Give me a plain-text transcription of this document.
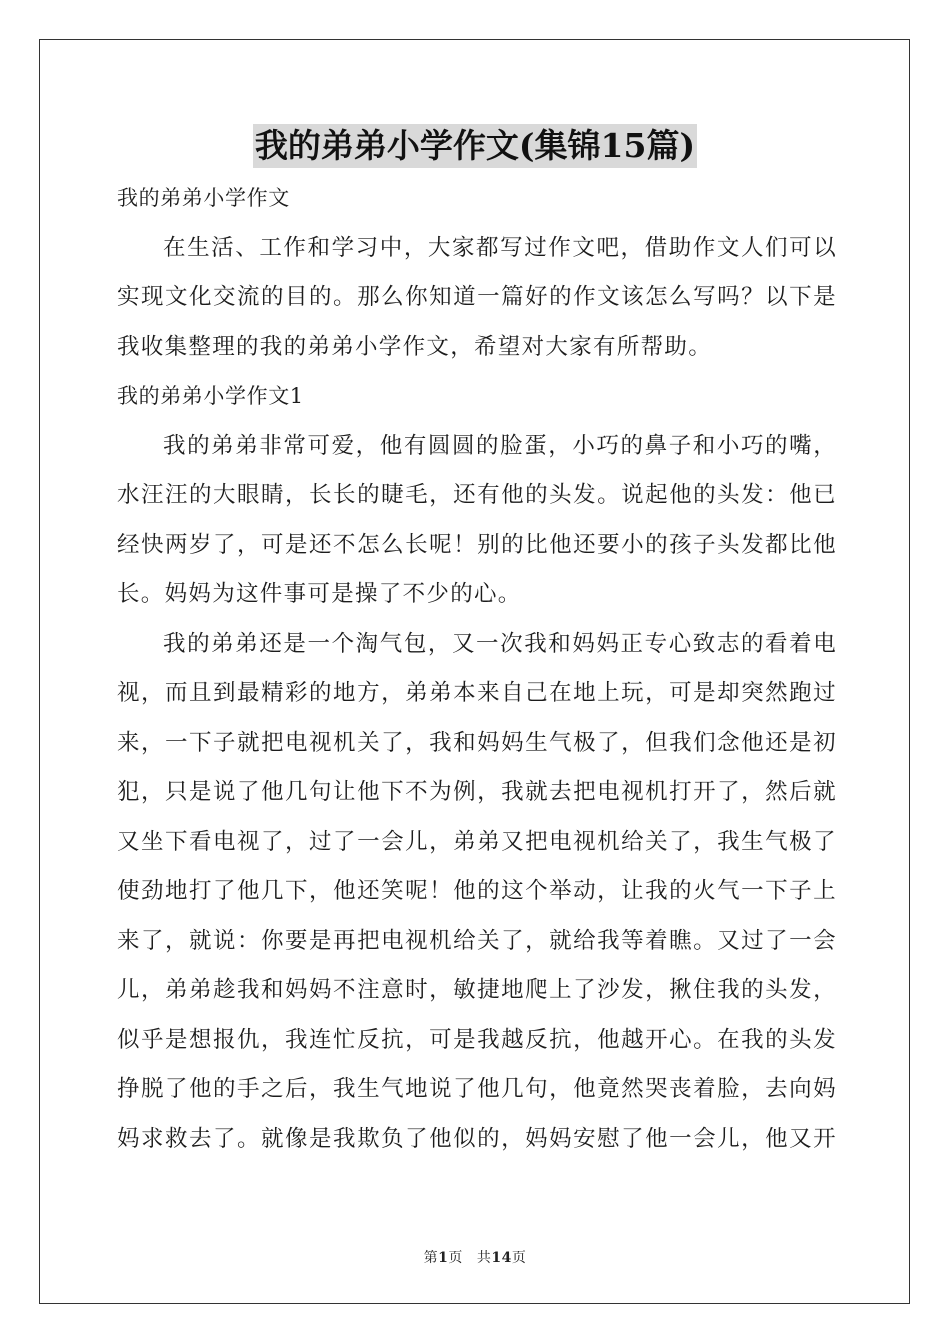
我的弟弟小学作文(集锦15篇)
我的弟弟小学作文
在生活、工作和学习中，大家都写过作文吧，借助作文人们可以
实现文化交流的目的。那么你知道一篇好的作文该怎么写吗？以下是
我收集整理的我的弟弟小学作文，希望对大家有所帮助。
我的弟弟小学作文1
我的弟弟非常可爱，他有圆圆的脸蛋，小巧的鼻子和小巧的嘴，
水汪汪的大眼睛，长长的睫毛，还有他的头发。说起他的头发：他已
经快两岁了，可是还不怎么长呢！别的比他还要小的孩子头发都比他
长。妈妈为这件事可是操了不少的心。
我的弟弟还是一个淘气包，又一次我和妈妈正专心致志的看着电
视，而且到最精彩的地方，弟弟本来自己在地上玩，可是却突然跑过
来，一下子就把电视机关了，我和妈妈生气极了，但我们念他还是初
犯，只是说了他几句让他下不为例，我就去把电视机打开了，然后就
又坐下看电视了，过了一会儿，弟弟又把电视机给关了，我生气极了
使劲地打了他几下，他还笑呢！他的这个举动，让我的火气一下子上
来了，就说：你要是再把电视机给关了，就给我等着瞧。又过了一会
儿，弟弟趁我和妈妈不注意时，敏捷地爬上了沙发，揪住我的头发，
似乎是想报仇，我连忙反抗，可是我越反抗，他越开心。在我的头发
挣脱了他的手之后，我生气地说了他几句，他竟然哭丧着脸，去向妈
妈求救去了。就像是我欺负了他似的，妈妈安慰了他一会儿，他又开
第1页 共14页
